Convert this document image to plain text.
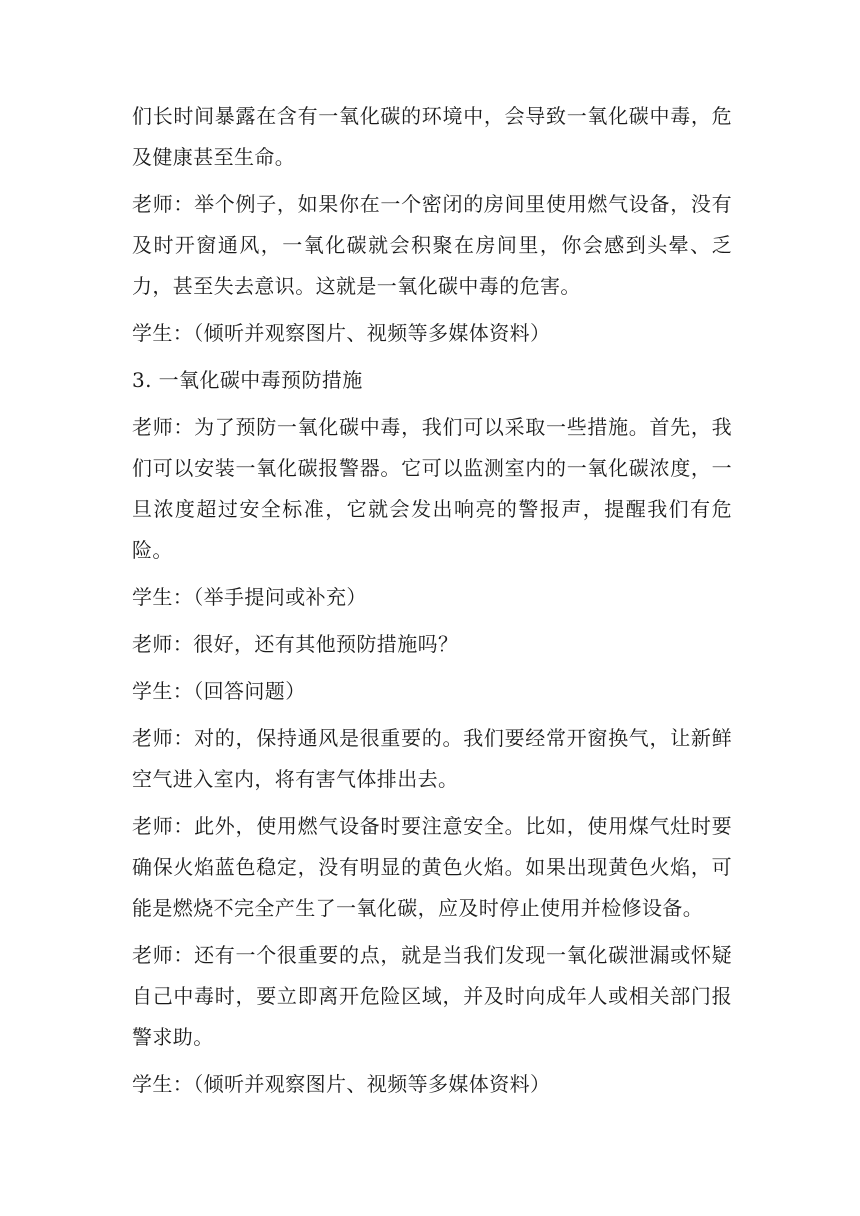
们长时间暴露在含有一氧化碳的环境中，会导致一氧化碳中毒，危及健康甚至生命。

老师：举个例子，如果你在一个密闭的房间里使用燃气设备，没有及时开窗通风，一氧化碳就会积聚在房间里，你会感到头晕、乏力，甚至失去意识。这就是一氧化碳中毒的危害。

学生：（倾听并观察图片、视频等多媒体资料）

3. 一氧化碳中毒预防措施

老师：为了预防一氧化碳中毒，我们可以采取一些措施。首先，我们可以安装一氧化碳报警器。它可以监测室内的一氧化碳浓度，一旦浓度超过安全标准，它就会发出响亮的警报声，提醒我们有危险。

学生：（举手提问或补充）

老师：很好，还有其他预防措施吗？

学生：（回答问题）

老师：对的，保持通风是很重要的。我们要经常开窗换气，让新鲜空气进入室内，将有害气体排出去。

老师：此外，使用燃气设备时要注意安全。比如，使用煤气灶时要确保火焰蓝色稳定，没有明显的黄色火焰。如果出现黄色火焰，可能是燃烧不完全产生了一氧化碳，应及时停止使用并检修设备。

老师：还有一个很重要的点，就是当我们发现一氧化碳泄漏或怀疑自己中毒时，要立即离开危险区域，并及时向成年人或相关部门报警求助。

学生：（倾听并观察图片、视频等多媒体资料）
